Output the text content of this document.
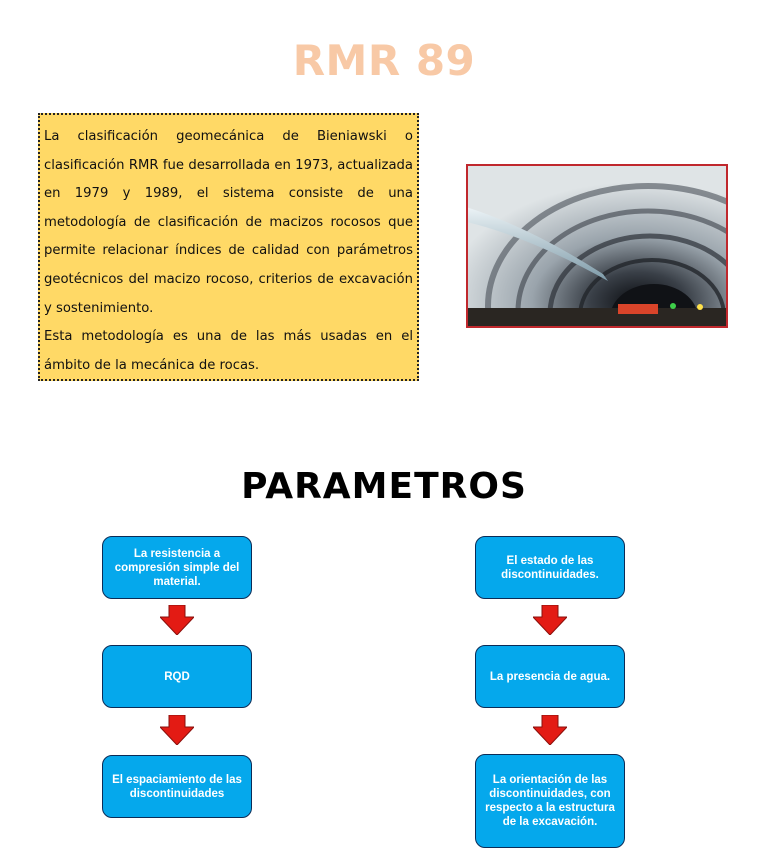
RMR 89

La clasificación geomecánica de Bieniawski o clasificación RMR fue desarrollada en 1973, actualizada en 1979 y 1989, el sistema consiste de una metodología de clasificación de macizos rocosos que permite relacionar índices de calidad con parámetros geotécnicos del macizo rocoso, criterios de excavación y sostenimiento.

Esta metodología es una de las más usadas en el ámbito de la mecánica de rocas.

PARAMETROS
La resistencia a compresión simple del material.
RQD
El espaciamiento de las discontinuidades
El estado de las discontinuidades.
La presencia de agua.
La orientación de las discontinuidades, con respecto a la estructura de la excavación.
